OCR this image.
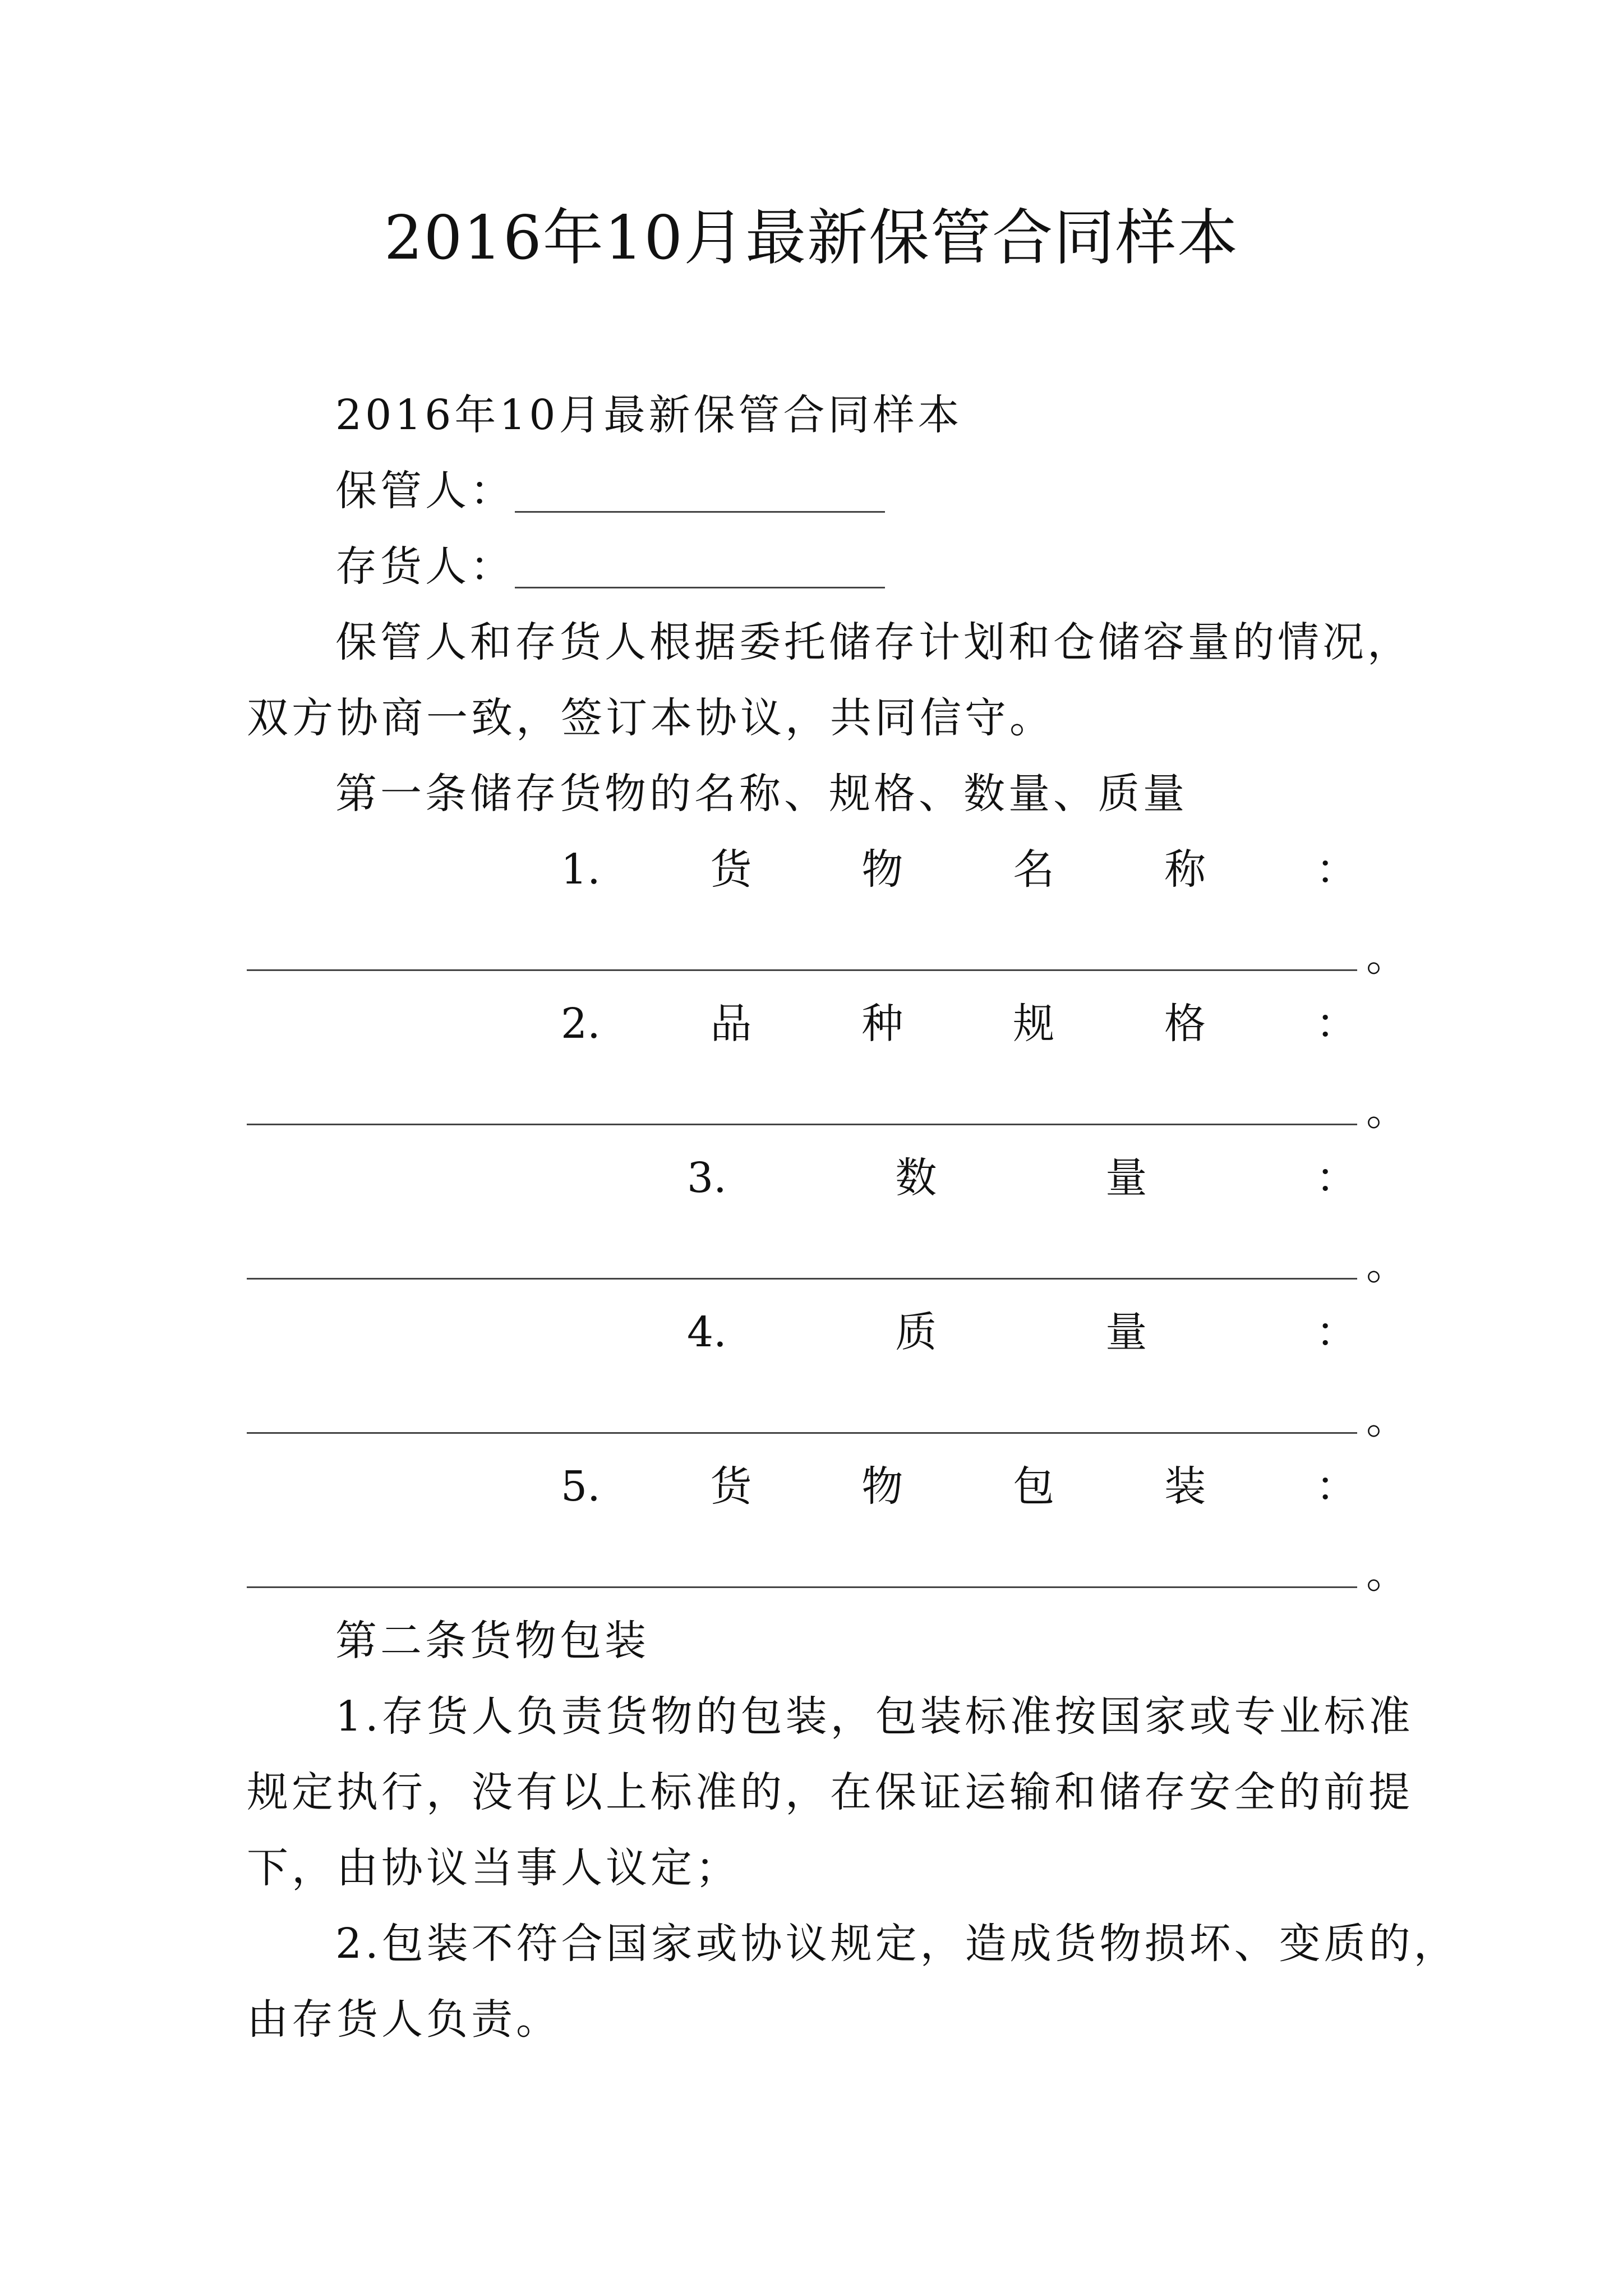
2016年10月最新保管合同样本
2016年10月最新保管合同样本
保管人：
存货人：
保管人和存货人根据委托储存计划和仓储容量的情况，
双方协商一致，签订本协议，共同信守。
第一条储存货物的名称、规格、数量、质量
1.	货	物	名	称	：
。
2.	品	种	规	格	：
。
3.	数	量	：
。
4.	质	量	：
。
5.	货	物	包	装	：
。
第二条货物包装
1.存货人负责货物的包装，包装标准按国家或专业标准
规定执行，没有以上标准的，在保证运输和储存安全的前提
下，由协议当事人议定；
2.包装不符合国家或协议规定，造成货物损坏、变质的，
由存货人负责。
